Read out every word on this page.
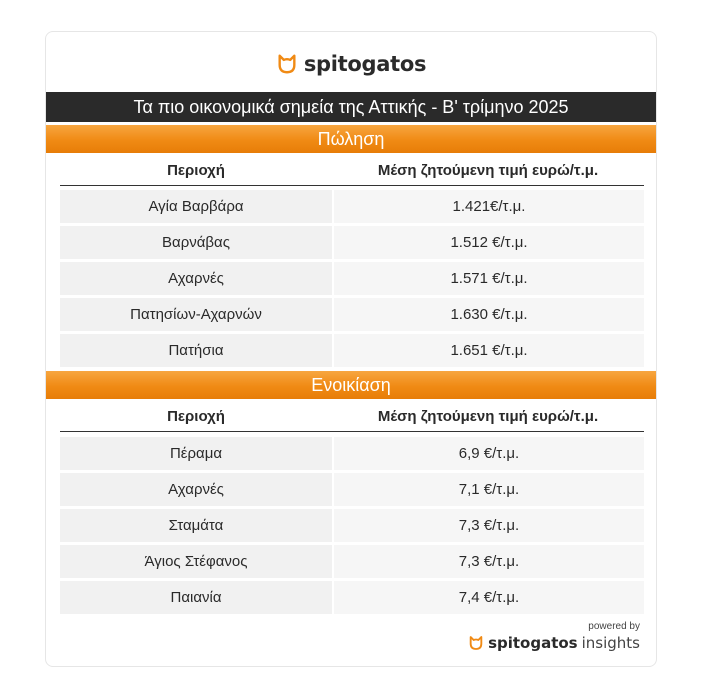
spitogatos
Τα πιο οικονομικά σημεία της Αττικής - Β' τρίμηνο 2025
Πώληση
Περιοχή	Μέση ζητούμενη τιμή ευρώ/τ.μ.
Αγία Βαρβάρα	1.421€/τ.μ.
Βαρνάβας	1.512 €/τ.μ.
Αχαρνές	1.571 €/τ.μ.
Πατησίων-Αχαρνών	1.630 €/τ.μ.
Πατήσια	1.651 €/τ.μ.
Ενοικίαση
Περιοχή	Μέση ζητούμενη τιμή ευρώ/τ.μ.
Πέραμα	6,9 €/τ.μ.
Αχαρνές	7,1 €/τ.μ.
Σταμάτα	7,3 €/τ.μ.
Άγιος Στέφανος	7,3 €/τ.μ.
Παιανία	7,4 €/τ.μ.
powered by
spitogatos insights
